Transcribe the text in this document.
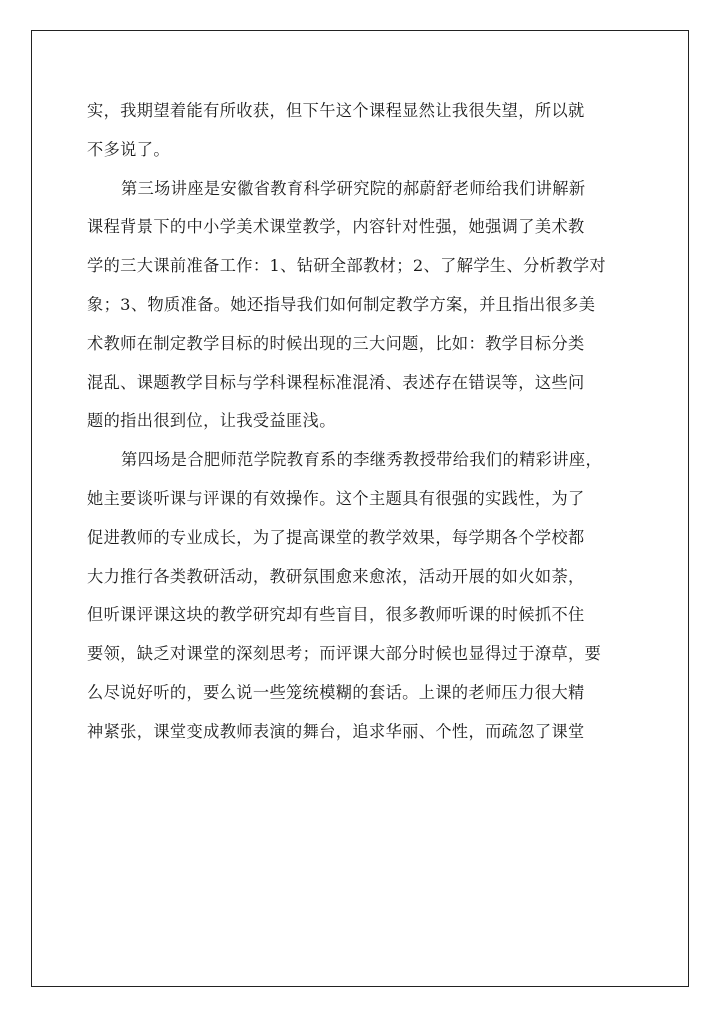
实，我期望着能有所收获，但下午这个课程显然让我很失望，所以就
不多说了。
第三场讲座是安徽省教育科学研究院的郝蔚舒老师给我们讲解新
课程背景下的中小学美术课堂教学，内容针对性强，她强调了美术教
学的三大课前准备工作：1、钻研全部教材；2、了解学生、分析教学对
象；3、物质准备。她还指导我们如何制定教学方案，并且指出很多美
术教师在制定教学目标的时候出现的三大问题，比如：教学目标分类
混乱、课题教学目标与学科课程标准混淆、表述存在错误等，这些问
题的指出很到位，让我受益匪浅。
第四场是合肥师范学院教育系的李继秀教授带给我们的精彩讲座，
她主要谈听课与评课的有效操作。这个主题具有很强的实践性，为了
促进教师的专业成长，为了提高课堂的教学效果，每学期各个学校都
大力推行各类教研活动，教研氛围愈来愈浓，活动开展的如火如荼，
但听课评课这块的教学研究却有些盲目，很多教师听课的时候抓不住
要领，缺乏对课堂的深刻思考；而评课大部分时候也显得过于潦草，要
么尽说好听的，要么说一些笼统模糊的套话。上课的老师压力很大精
神紧张，课堂变成教师表演的舞台，追求华丽、个性，而疏忽了课堂
